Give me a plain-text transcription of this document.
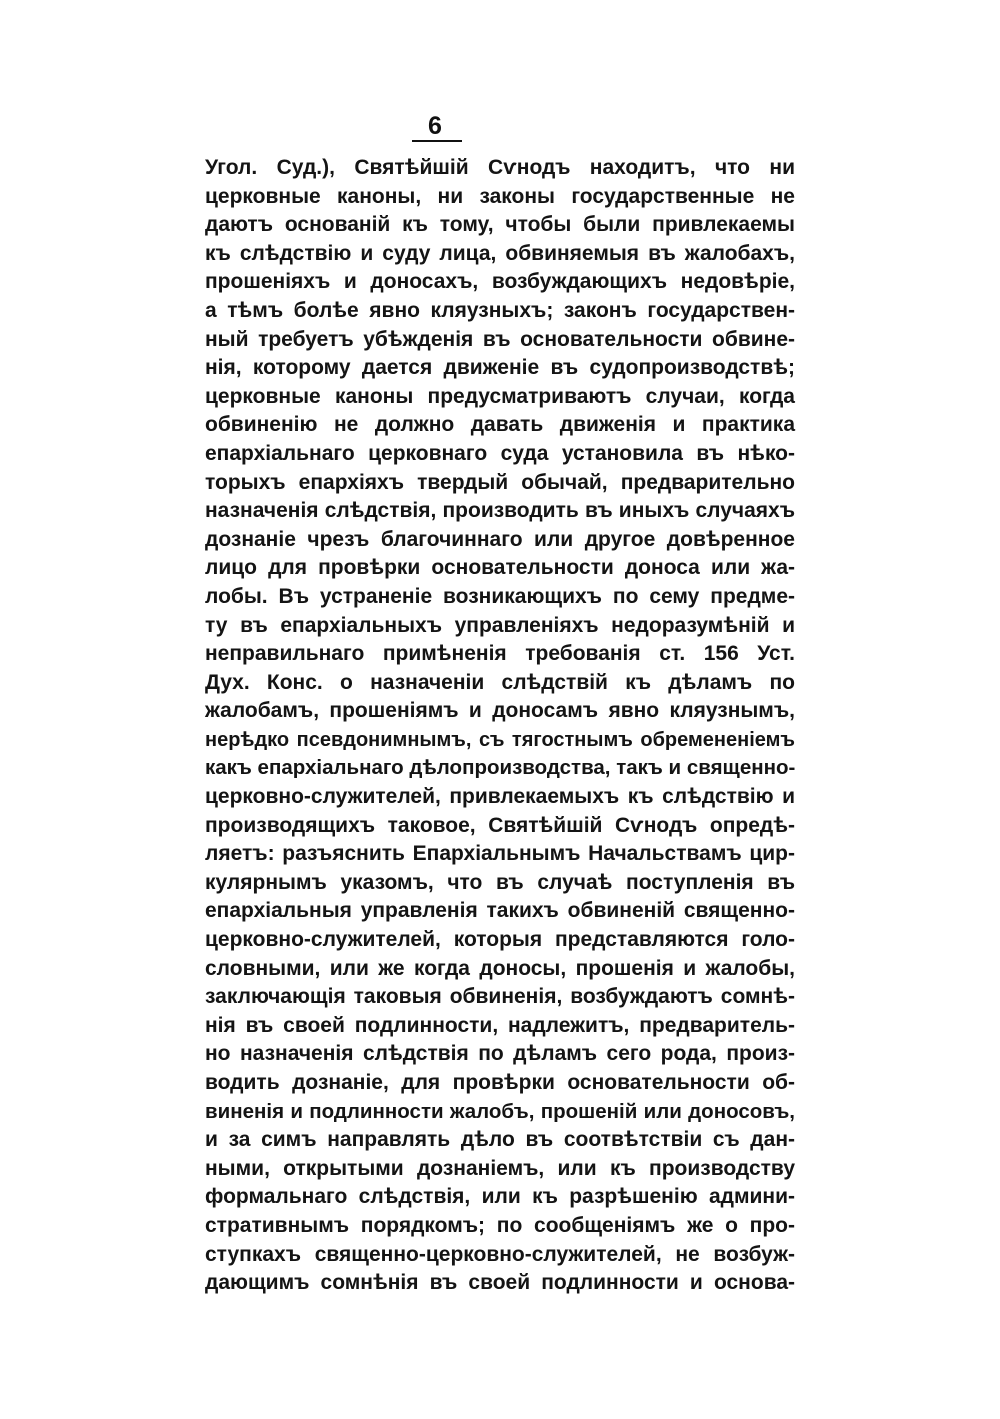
6
Угол. Суд.), Святѣйшій Сѵнодъ находитъ, что ни
церковные каноны, ни законы государственные не
даютъ основаній къ тому, чтобы были привлекаемы
къ слѣдствію и суду лица, обвиняемыя въ жалобахъ,
прошеніяхъ и доносахъ, возбуждающихъ недовѣріе,
а тѣмъ болѣе явно кляузныхъ; законъ государствен-
ный требуетъ убѣжденія въ основательности обвине-
нія, которому дается движеніе въ судопроизводствѣ;
церковные каноны предусматриваютъ случаи, когда
обвиненію не должно давать движенія и практика
епархіальнаго церковнаго суда установила въ нѣко-
торыхъ епархіяхъ твердый обычай, предварительно
назначенія слѣдствія, производить въ иныхъ случаяхъ
дознаніе чрезъ благочиннаго или другое довѣренное
лицо для провѣрки основательности доноса или жа-
лобы. Въ устраненіе возникающихъ по сему предме-
ту въ епархіальныхъ управленіяхъ недоразумѣній и
неправильнаго примѣненія требованія ст. 156 Уст.
Дух. Конс. о назначеніи слѣдствій къ дѣламъ по
жалобамъ, прошеніямъ и доносамъ явно кляузнымъ,
нерѣдко псевдонимнымъ, съ тягостнымъ обремененіемъ
какъ епархіальнаго дѣлопроизводства, такъ и священно-
церковно-служителей, привлекаемыхъ къ слѣдствію и
производящихъ таковое, Святѣйшій Сѵнодъ опредѣ-
ляетъ: разъяснить Епархіальнымъ Начальствамъ цир-
кулярнымъ указомъ, что въ случаѣ поступленія въ
епархіальныя управленія такихъ обвиненій священно-
церковно-служителей, которыя представляются голо-
словными, или же когда доносы, прошенія и жалобы,
заключающія таковыя обвиненія, возбуждаютъ сомнѣ-
нія въ своей подлинности, надлежитъ, предваритель-
но назначенія слѣдствія по дѣламъ сего рода, произ-
водить дознаніе, для провѣрки основательности об-
виненія и подлинности жалобъ, прошеній или доносовъ,
и за симъ направлять дѣло въ соотвѣтствіи съ дан-
ными, открытыми дознаніемъ, или къ производству
формальнаго слѣдствія, или къ разрѣшенію админи-
стративнымъ порядкомъ; по сообщеніямъ же о про-
ступкахъ священно-церковно-служителей, не возбуж-
дающимъ сомнѣнія въ своей подлинности и основа-
